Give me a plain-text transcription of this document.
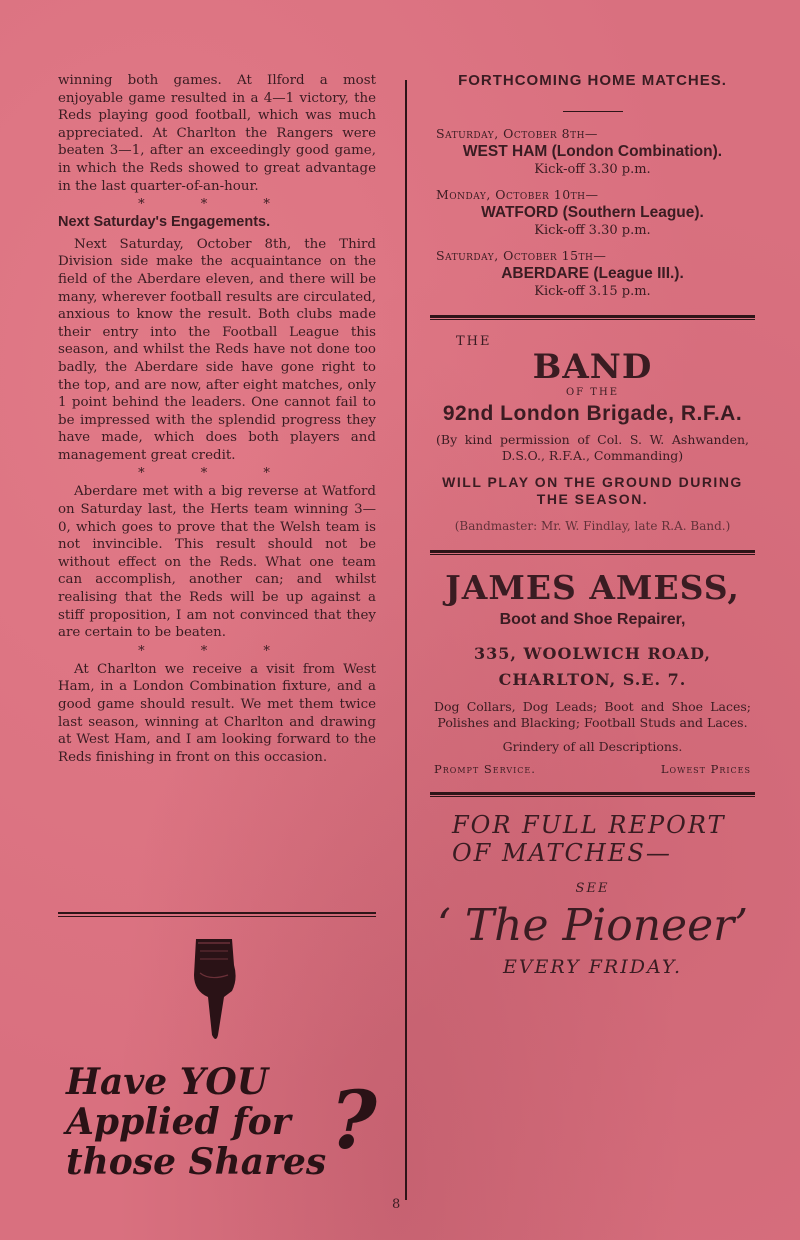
winning both games. At Ilford a most enjoyable game resulted in a 4—1 victory, the Reds playing good football, which was much appreciated. At Charlton the Rangers were beaten 3—1, after an exceedingly good game, in which the Reds showed to great advantage in the last quarter-of-an-hour.

* * *
Next Saturday's Engagements.

Next Saturday, October 8th, the Third Division side make the acquaintance on the field of the Aberdare eleven, and there will be many, wherever football results are circulated, anxious to know the result. Both clubs made their entry into the Football League this season, and whilst the Reds have not done too badly, the Aberdare side have gone right to the top, and are now, after eight matches, only 1 point behind the leaders. One cannot fail to be impressed with the splendid progress they have made, which does both players and management great credit.

* * *

Aberdare met with a big reverse at Watford on Saturday last, the Herts team winning 3—0, which goes to prove that the Welsh team is not invincible. This result should not be without effect on the Reds. What one team can accomplish, another can; and whilst realising that the Reds will be up against a stiff proposition, I am not convinced that they are certain to be beaten.

* * *

At Charlton we receive a visit from West Ham, in a London Combination fixture, and a good game should result. We met them twice last season, winning at Charlton and drawing at West Ham, and I am looking forward to the Reds finishing in front on this occasion.

Have YOU
Applied for
those Shares ?
FORTHCOMING HOME MATCHES.
Saturday, October 8th—
WEST HAM (London Combination).
Kick-off 3.30 p.m.
Monday, October 10th—
WATFORD (Southern League).
Kick-off 3.30 p.m.
Saturday, October 15th—
ABERDARE (League III.).
Kick-off 3.15 p.m.
THE
BAND
OF THE
92nd London Brigade, R.F.A.
(By kind permission of Col. S. W. Ashwanden, D.S.O., R.F.A., Commanding)
WILL PLAY ON THE GROUND DURING THE SEASON.
(Bandmaster: Mr. W. Findlay, late R.A. Band.)
JAMES AMESS,
Boot and Shoe Repairer,
335, WOOLWICH ROAD,
CHARLTON, S.E. 7.
Dog Collars, Dog Leads; Boot and Shoe Laces; Polishes and Blacking; Football Studs and Laces.
Grindery of all Descriptions.
Prompt Service.	Lowest Prices
FOR FULL REPORT
OF MATCHES—
SEE
‘ The Pioneer’
EVERY FRIDAY.
8
